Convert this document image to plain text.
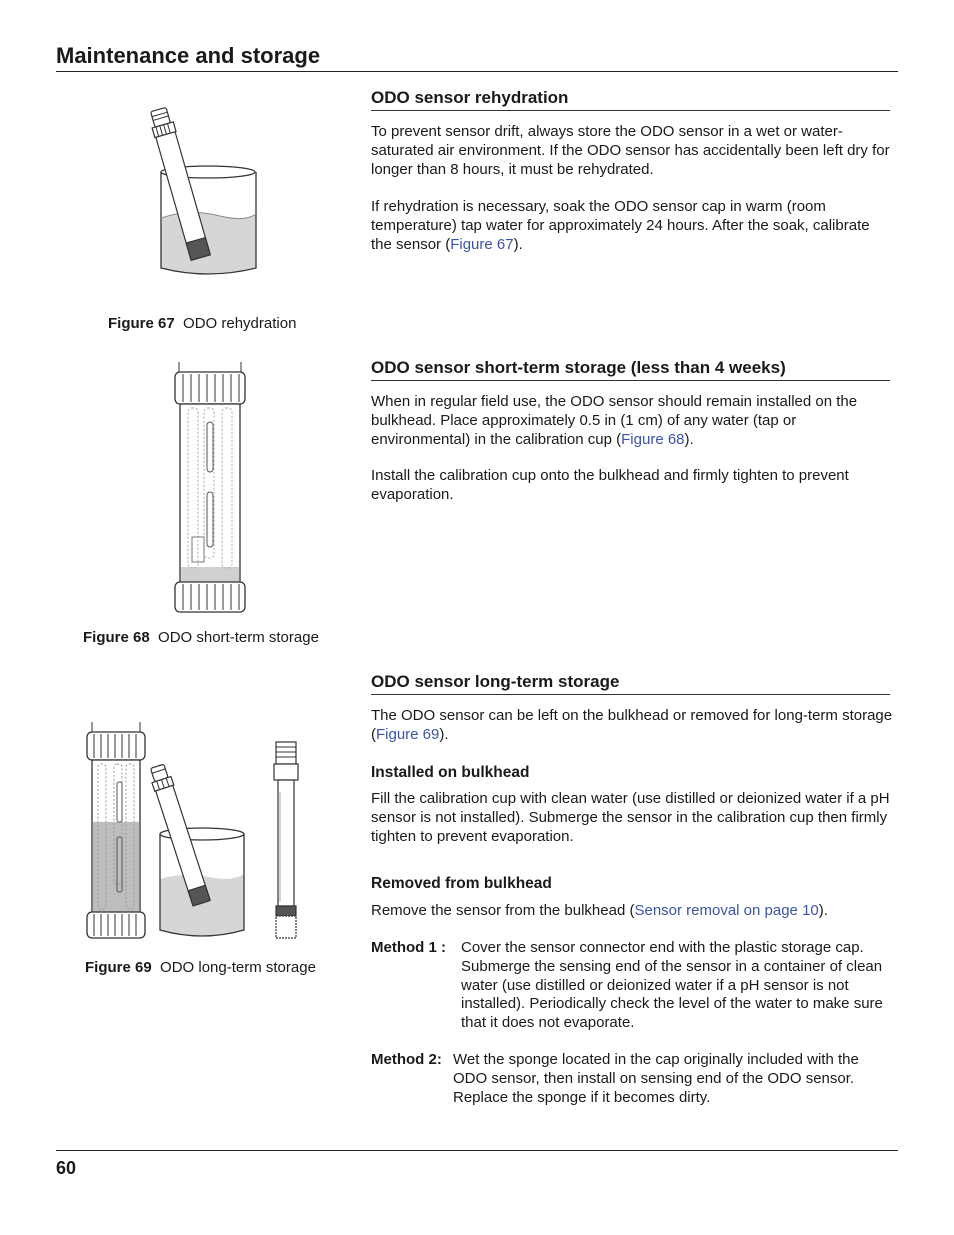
Maintenance and storage

Figure 67 ODO rehydration

ODO sensor rehydration

To prevent sensor drift, always store the ODO sensor in a wet or water-saturated air environment. If the ODO sensor has accidentally been left dry for longer than 8 hours, it must be rehydrated.

If rehydration is necessary, soak the ODO sensor cap in warm (room temperature) tap water for approximately 24 hours. After the soak, calibrate the sensor (Figure 67).

Figure 68 ODO short-term storage

ODO sensor short-term storage (less than 4 weeks)

When in regular field use, the ODO sensor should remain installed on the bulkhead. Place approximately 0.5 in (1 cm) of any water (tap or environmental) in the calibration cup (Figure 68).

Install the calibration cup onto the bulkhead and firmly tighten to prevent evaporation.

Figure 69 ODO long-term storage

ODO sensor long-term storage

The ODO sensor can be left on the bulkhead or removed for long-term storage (Figure 69).

Installed on bulkhead

Fill the calibration cup with clean water (use distilled or deionized water if a pH sensor is not installed). Submerge the sensor in the calibration cup then firmly tighten to prevent evaporation.

Removed from bulkhead

Remove the sensor from the bulkhead (Sensor removal on page 10).

Method 1 : Cover the sensor connector end with the plastic storage cap. Submerge the sensing end of the sensor in a container of clean water (use distilled or deionized water if a pH sensor is not installed). Periodically check the level of the water to make sure that it does not evaporate.

Method 2: Wet the sponge located in the cap originally included with the ODO sensor, then install on sensing end of the ODO sensor. Replace the sponge if it becomes dirty.

60
